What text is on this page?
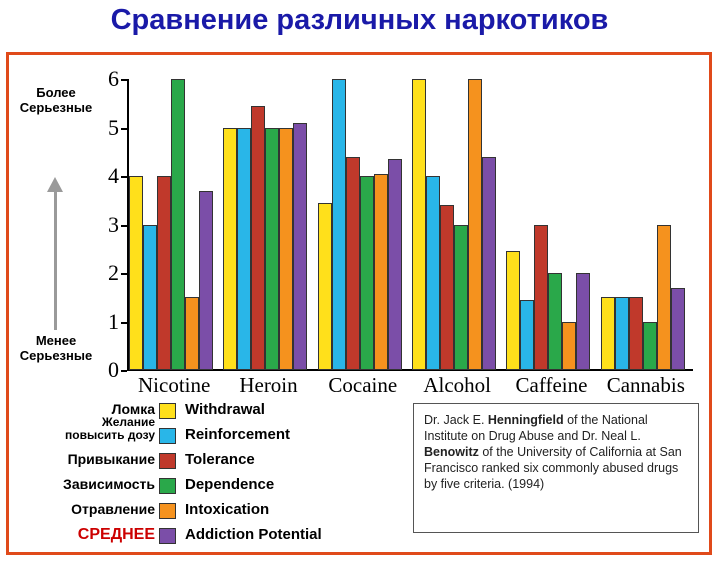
Сравнение различных наркотиков
Более
Серьезные
Менее
Серьезные
0
1
2
3
4
5
6
Nicotine	Heroin	Cocaine	Alcohol	Caffeine Cannabis
Ломка Withdrawal
Желание
повысить дозу Reinforcement
Привыкание Tolerance
Зависимость Dependence
Отравление Intoxication
СРЕДНЕЕ Addiction Potential
Dr. Jack E. Henningfield of the National Institute on Drug Abuse and Dr. Neal L. Benowitz of the University of California at San Francisco ranked six commonly abused drugs by five criteria. (1994)
